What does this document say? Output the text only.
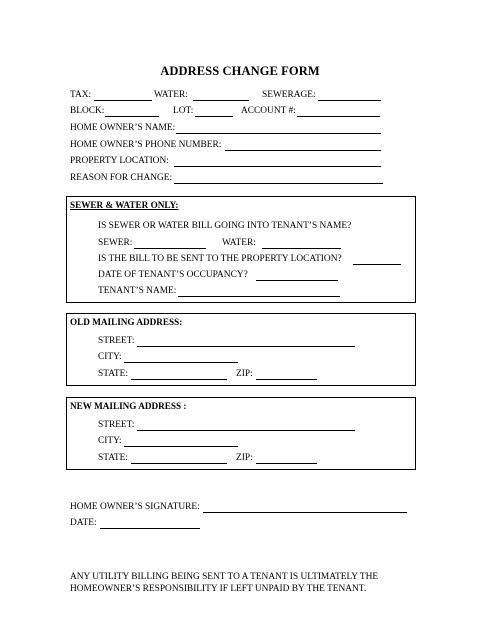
ADDRESS CHANGE FORM
TAX:	WATER:	SEWERAGE:
BLOCK:	LOT:	ACCOUNT #:
HOME OWNER’S NAME:
HOME OWNER’S PHONE NUMBER:
PROPERTY LOCATION:
REASON FOR CHANGE:
SEWER & WATER ONLY:
IS SEWER OR WATER BILL GOING INTO TENANT’S NAME?
SEWER:	WATER:
IS THE BILL TO BE SENT TO THE PROPERTY LOCATION?
DATE OF TENANT’S OCCUPANCY?
TENANT’S NAME:
OLD MAILING ADDRESS:
STREET:
CITY:
STATE:	ZIP:
NEW MAILING ADDRESS :
STREET:
CITY:
STATE:	ZIP:
HOME OWNER’S SIGNATURE:
DATE:
ANY UTILITY BILLING BEING SENT TO A TENANT IS ULTIMATELY THE
HOMEOWNER’S RESPONSIBILITY IF LEFT UNPAID BY THE TENANT.
